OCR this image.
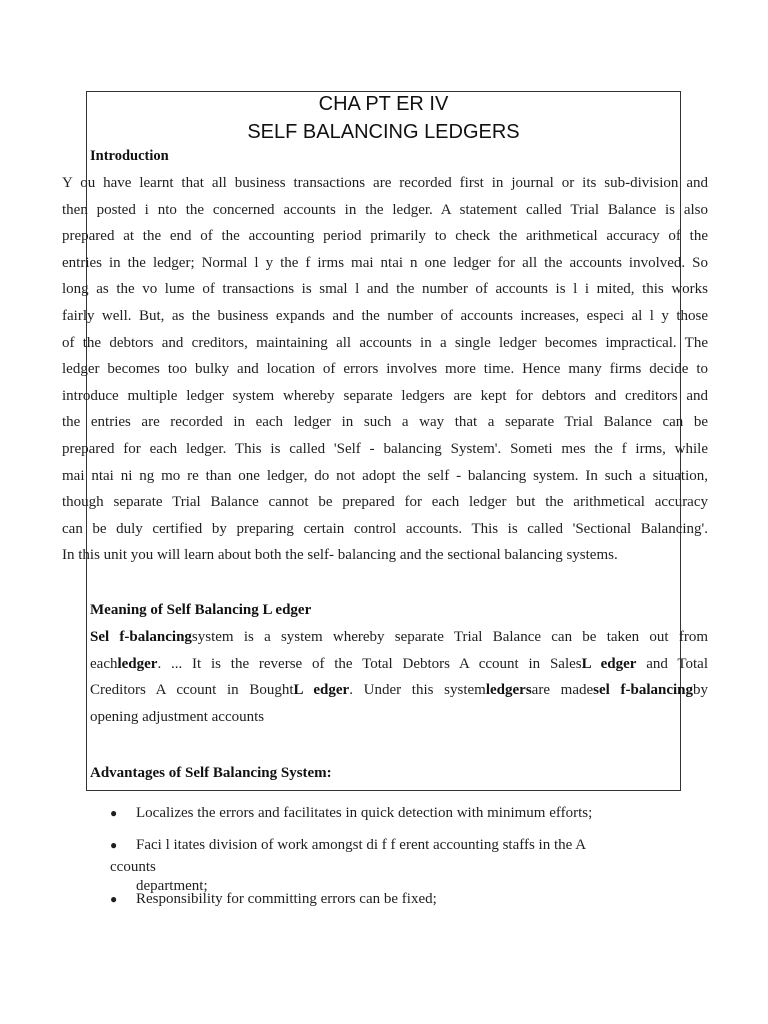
CHA PT ER IV
SELF BALANCING LEDGERS

Introduction

Y ou have learnt that all business transactions are recorded first in journal or its sub-division and
then posted i nto the concerned accounts in the ledger. A statement called Trial Balance is also
prepared at the end of the accounting period primarily to check the arithmetical accuracy of the
entries in the ledger; Normal l y the f irms mai ntai n one ledger for all the accounts involved. So
long as the vo lume of transactions is smal l and the number of accounts is l i mited, this works
fairly well. But, as the business expands and the number of accounts increases, especi al l y those
of the debtors and creditors, maintaining all accounts in a single ledger becomes impractical. The
ledger becomes too bulky and location of errors involves more time. Hence many firms decide to
introduce multiple ledger system whereby separate ledgers are kept for debtors and creditors and
the entries are recorded in each ledger in such a way that a separate Trial Balance can be
prepared for each ledger. This is called 'Self - balancing System'. Someti mes the f irms, while
mai ntai ni ng mo re than one ledger, do not adopt the self - balancing system. In such a situation,
though separate Trial Balance cannot be prepared for each ledger but the arithmetical accuracy
can be duly certified by preparing certain control accounts. This is called 'Sectional Balancing'.
In this unit you will learn about both the self- balancing and the sectional balancing systems.

Meaning of Self Balancing L edger

Sel f-balancingsystem is a system whereby separate Trial Balance can be taken out from
eachledger. ... It is the reverse of the Total Debtors A ccount in SalesL edger and Total
Creditors A ccount in BoughtL edger. Under this systemledgersare madesel f-balancingby
opening adjustment accounts

Advantages of Self Balancing System:

● Localizes the errors and facilitates in quick detection with minimum efforts;
● Faci l itates division of work amongst di f f erent accounting staffs in the A
ccounts
● Responsibility for committing errors can be fixed;
department;
